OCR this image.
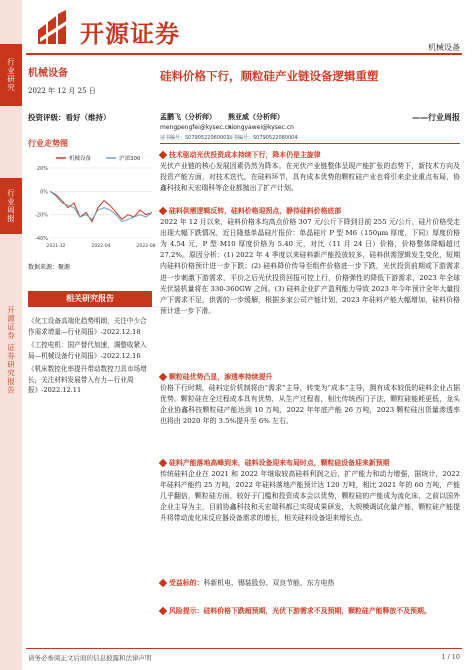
行业研究
行业周报
开源证券 证券研究报告
开源证券	机械设备
机械设备
2022 年 12 月 25 日
投资评级：看好（维持）
行业走势图
机械设备	沪深300
20%
0%
-20%
-40%
2021-12	2022-04	2022-08
数据来源：聚源
相关研究报告
《化工设备高端化趋势明朗，关注中少合作需求增量—行业周报》-2022.12.18
《工控电机：国产替代加速，调整收紧入局—机械设备行业周报》-2022.12.16
《机床数控化率提升带动数控刀具市场增长，关注材料发展带入有力—行业周报》-2022.12.11
硅料价格下行，顺粒硅产业链设备逻辑重塑
孟鹏飞（分析师）
mengpengfei@kysec.cn
证书编号：S0790522060001
熊亚威（分析师）
xiongyawei@kysec.cn
证书编号：S0790522080004
——行业周报
技术驱动光伏投资成本持续下行，降本仍是主旋律
光伏产业链的核心发展因素仍然为降本。在光伏产业链整体呈现产能扩张的态势下，新技术方向及投资产能方面，对技术迭代，在硅料环节，具有成本优势的颗粒硅产业也将引来企业重点布局，协鑫科技和天宏瑞科等企业都抛出了扩产计划。
硅料供需逻辑反转，硅料价格迎拐点，静待硅料价格底部
2022 年 12 月以来，硅料价格本均高点价格 307 元/公斤下降到目前 255 元/公斤，硅片价格受走出现大幅下跌情况，近日隆基单晶硅片报价：单晶硅片 P 型 M6（150μm 厚度，下同）厚度价格为 4.54 元，P 型 M10 厚度价格为 5.40 元，对比（11 月 24 日）价格，价格整体降幅超过 27.2%。原因分析：(1) 2022 年 4 季度以来硅料新产能投放较多，硅料供需逻辑发生变化，短期内硅料价格预计进一步下跌；(2) 硅料降价传导至组件价格进一步下跌，光伏投资前期或下游需求进一步刺激下游需求，平价之后光伏投资回报可控上行，价格弹性的降低下游需求，2023 年全球光伏装机量将在 330-360GW 之间。(3) 硅料企业扩产盈利能力导致 2023 年今年预计全年大量投产下需求不足，供需的一步缓解，根据多家公司产能计划，2023 年硅料产能大幅增加，硅料价格预计进一步下滑。
颗粒硅优势凸显，渗透率持续提升
价格下行时期，硅料定价机制将由“需求”主导，转变为“成本”主导，拥有成本较低的硅料企业占据优势。颗粒硅在全过程成本具有优势，从生产过程看，相比传统西门子法，颗粒硅能耗更低，龙头企业协鑫科技颗粒硅产能达到 10 万吨，2022 年年底产能 26 万吨，2023 颗粒硅出货量渗透率也将由 2020 年的 3.5%提升至 6% 左右。
硅料产能落地高峰到来，硅料设备迎来布局时点，颗粒硅设备迎来新预期
传统硅料企业在 2021 和 2022 年继取较高硅料利润之后，扩产能力和动力增强，据统计，2022 年硅料产能约 25 万吨，2022 年硅料落地产能预计达 120 万吨，相比 2021 年的 60 万吨，产能几乎翻倍，颗粒硅方面，较好于门槛和投资成本会以优势，颗粒硅的产能成为流化床，之前以国外企业主导为主，目前协鑫科技和天宏瑞科都已实现成果研发，大规模调试化量产能，颗粒硅产能提升将带动流化床反应器设备需求的增长，相关硅料设备迎来增长点。
受益标的：科新机电、锡装股份、双良节能、东方电热
风险提示：硅料价格下跌超预期，光伏下游需求不及预期，颗粒硅产能释放不及预期。
请务必参阅正文后面的信息披露和法律声明	1 / 10
